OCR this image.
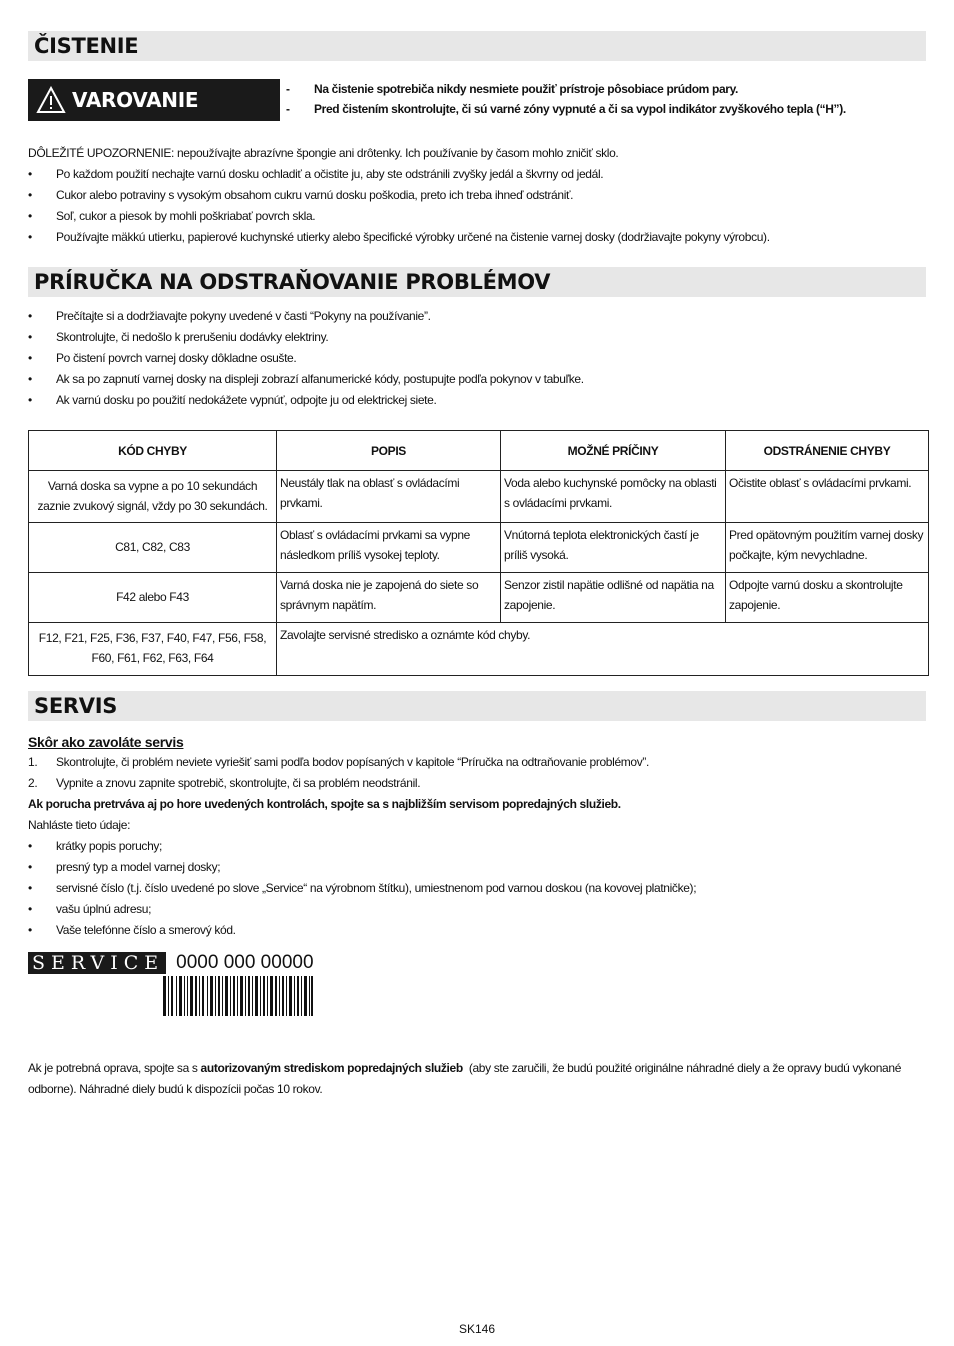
ČISTENIE
VAROVANIE	-	Na čistenie spotrebiča nikdy nesmiete použiť prístroje pôsobiace prúdom pary.
-	Pred čistením skontrolujte, či sú varné zóny vypnuté a či sa vypol indikátor zvyškového tepla (“H”).
DÔLEŽITÉ UPOZORNENIE: nepoužívajte abrazívne špongie ani drôtenky. Ich používanie by časom mohlo zničiť sklo.
•	Po každom použití nechajte varnú dosku ochladiť a očistite ju, aby ste odstránili zvyšky jedál a škvrny od jedál.
•	Cukor alebo potraviny s vysokým obsahom cukru varnú dosku poškodia, preto ich treba ihneď odstrániť.
•	Soľ, cukor a piesok by mohli poškriabať povrch skla.
•	Používajte mäkkú utierku, papierové kuchynské utierky alebo špecifické výrobky určené na čistenie varnej dosky (dodržiavajte pokyny výrobcu).
PRÍRUČKA NA ODSTRAŇOVANIE PROBLÉMOV
•	Prečítajte si a dodržiavajte pokyny uvedené v časti “Pokyny na používanie”.
•	Skontrolujte, či nedošlo k prerušeniu dodávky elektriny.
•	Po čistení povrch varnej dosky dôkladne osušte.
•	Ak sa po zapnutí varnej dosky na displeji zobrazí alfanumerické kódy, postupujte podľa pokynov v tabuľke.
•	Ak varnú dosku po použití nedokážete vypnúť, odpojte ju od elektrickej siete.
KÓD CHYBY	POPIS	MOŽNÉ PRÍČINY	ODSTRÁNENIE CHYBY
Varná doska sa vypne a po 10 sekundách zaznie zvukový signál, vždy po 30 sekundách.	Neustály tlak na oblasť s ovládacími prvkami.	Voda alebo kuchynské pomôcky na oblasti s ovládacími prvkami.	Očistite oblasť s ovládacími prvkami.
C81, C82, C83	Oblasť s ovládacími prvkami sa vypne následkom príliš vysokej teploty.	Vnútorná teplota elektronických častí je príliš vysoká.	Pred opätovným použitím varnej dosky počkajte, kým nevychladne.
F42 alebo F43	Varná doska nie je zapojená do siete so správnym napätím.	Senzor zistil napätie odlišné od napätia na zapojenie.	Odpojte varnú dosku a skontrolujte zapojenie.
F12, F21, F25, F36, F37, F40, F47, F56, F58, F60, F61, F62, F63, F64	Zavolajte servisné stredisko a oznámte kód chyby.		
SERVIS
Skôr ako zavoláte servis
1.	Skontrolujte, či problém neviete vyriešiť sami podľa bodov popísaných v kapitole “Príručka na odtraňovanie problémov”.
2.	Vypnite a znovu zapnite spotrebič, skontrolujte, či sa problém neodstránil.
Ak porucha pretrváva aj po hore uvedených kontrolách, spojte sa s najbližším servisom popredajných služieb.
Nahláste tieto údaje:
•	krátky popis poruchy;
•	presný typ a model varnej dosky;
•	servisné číslo (t.j. číslo uvedené po slove „Service“ na výrobnom štítku), umiestnenom pod varnou doskou (na kovovej platničke);
•	vašu úplnú adresu;
•	Vaše telefónne číslo a smerový kód.
SERVICE 0000 000 00000
Ak je potrebná oprava, spojte sa s autorizovaným strediskom popredajných služieb (aby ste zaručili, že budú použité originálne náhradné diely a že opravy budú vykonané odborne). Náhradné diely budú k dispozícii počas 10 rokov.
SK146
